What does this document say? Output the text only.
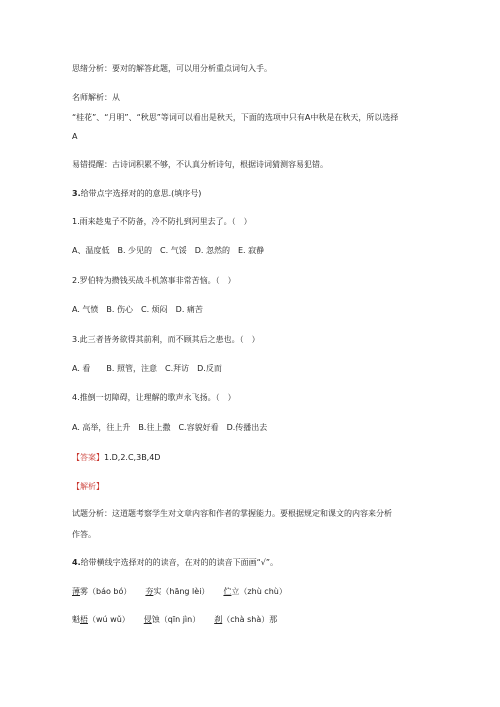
思绪分析：要对的解答此题，可以用分析重点词句入手。
名师解析：从
“桂花”、“月明”、“秋思”等词可以看出是秋天，下面的选项中只有A中秋是在秋天，所以选择
A
易错提醒：古诗词积累不够，不认真分析诗句，根据诗词猜测容易犯错。
3.给带点字选择对的的意思.(填序号)
1.雨来趁鬼子不防备，冷不防扎到河里去了。（　）
A、温度低　B. 少见的　C. 气馁　D. 忽然的　E. 寂静
2.罗伯特为攒钱买战斗机煞事非常苦恼。（　）
A. 气愤　B. 伤心　C. 烦闷　D. 痛苦
3.此三者皆务欲得其前利，而不顾其后之患也。（　）
A. 看　　B. 照管，注意　C.拜访　D.反而
4.推倒一切障碍，让理解的歌声永飞扬。（　）
A. 高举，往上升　B.往上撒　C.容貌好看　D.传播出去
【答案】1.D,2.C,3B,4D
【解析】
试题分析：这道题考察学生对文章内容和作者的掌握能力。要根据规定和课文的内容来分析
作答。
4.给带横线字选择对的的读音，在对的的读音下面画“√”。
薄雾（báo bó） 夯实（hāng lèi） 伫立（zhù chù）
魁梧（wú wǔ） 侵蚀（qīn jìn） 刹（chà shà）那
